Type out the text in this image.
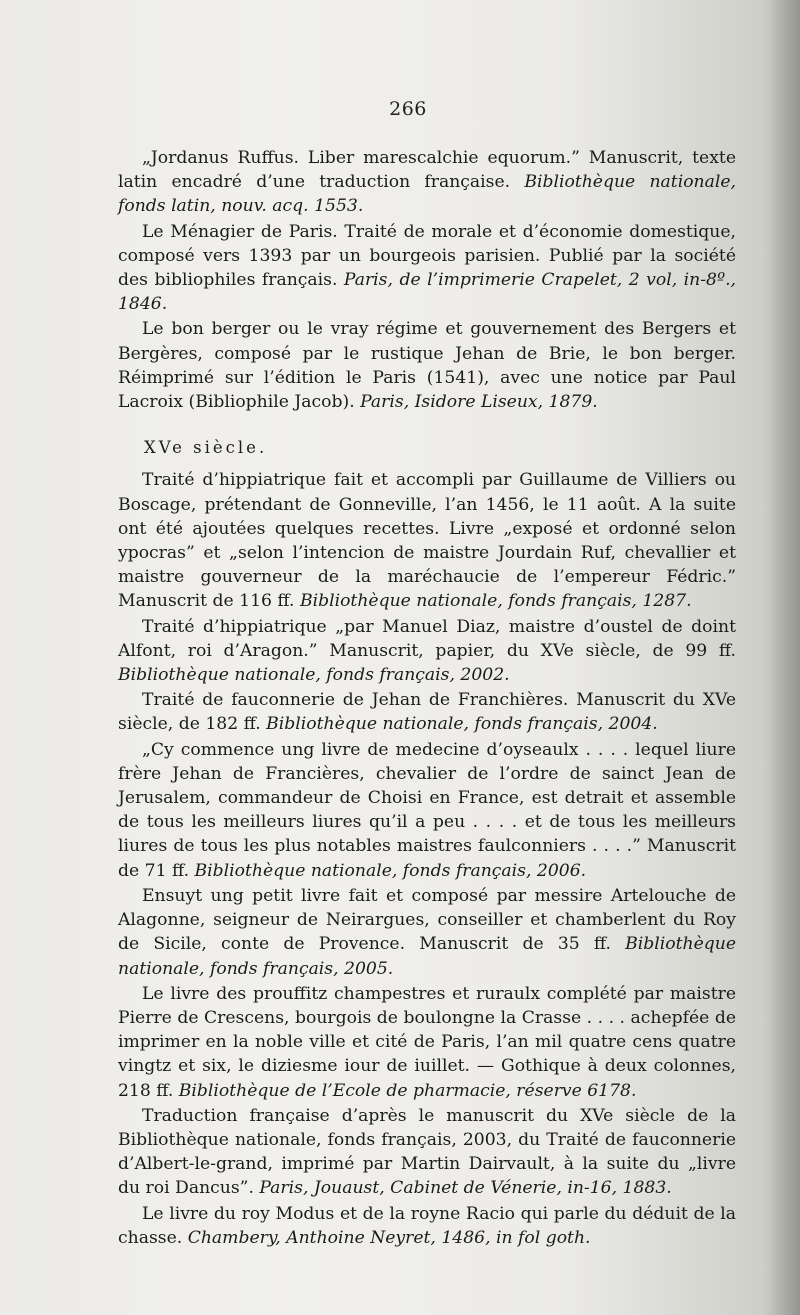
266

„Jordanus Ruffus. Liber marescalchie equorum.” Manuscrit, texte latin encadré d’une traduction française. Bibliothèque nationale, fonds latin, nouv. acq. 1553.

Le Ménagier de Paris. Traité de morale et d’économie domestique, composé vers 1393 par un bourgeois parisien. Publié par la société des bibliophiles français. Paris, de l’imprimerie Crapelet, 2 vol, in-8º., 1846.

Le bon berger ou le vray régime et gouvernement des Bergers et Bergères, composé par le rustique Jehan de Brie, le bon berger. Réimprimé sur l’édition le Paris (1541), avec une notice par Paul Lacroix (Bibliophile Jacob). Paris, Isidore Liseux, 1879.

XVe siècle.

Traité d’hippiatrique fait et accompli par Guillaume de Villiers ou Boscage, prétendant de Gonneville, l’an 1456, le 11 août. A la suite ont été ajoutées quelques recettes. Livre „exposé et ordonné selon ypocras” et „selon l’intencion de maistre Jourdain Ruf, chevallier et maistre gouverneur de la maréchaucie de l’empereur Fédric.” Manuscrit de 116 ff. Bibliothèque nationale, fonds français, 1287.

Traité d’hippiatrique „par Manuel Diaz, maistre d’oustel de doint Alfont, roi d’Aragon.” Manuscrit, papier, du XVe siècle, de 99 ff. Bibliothèque nationale, fonds français, 2002.

Traité de fauconnerie de Jehan de Franchières. Manuscrit du XVe siècle, de 182 ff. Bibliothèque nationale, fonds français, 2004.

„Cy commence ung livre de medecine d’oyseaulx . . . . lequel liure frère Jehan de Francières, chevalier de l’ordre de sainct Jean de Jerusalem, commandeur de Choisi en France, est detrait et assemble de tous les meilleurs liures qu’il a peu . . . . et de tous les meilleurs liures de tous les plus notables maistres faulconniers . . . .” Manuscrit de 71 ff. Bibliothèque nationale, fonds français, 2006.

Ensuyt ung petit livre fait et composé par messire Artelouche de Alagonne, seigneur de Neirargues, conseiller et chamberlent du Roy de Sicile, conte de Provence. Manuscrit de 35 ff. Bibliothèque nationale, fonds français, 2005.

Le livre des prouffitz champestres et ruraulx complété par maistre Pierre de Crescens, bourgois de boulongne la Crasse . . . . achepfée de imprimer en la noble ville et cité de Paris, l’an mil quatre cens quatre vingtz et six, le diziesme iour de iuillet. — Gothique à deux colonnes, 218 ff. Bibliothèque de l’Ecole de pharmacie, réserve 6178.

Traduction française d’après le manuscrit du XVe siècle de la Bibliothèque nationale, fonds français, 2003, du Traité de fauconnerie d’Albert-le-grand, imprimé par Martin Dairvault, à la suite du „livre du roi Dancus”. Paris, Jouaust, Cabinet de Vénerie, in-16, 1883.

Le livre du roy Modus et de la royne Racio qui parle du déduit de la chasse. Chambery, Anthoine Neyret, 1486, in fol goth.
